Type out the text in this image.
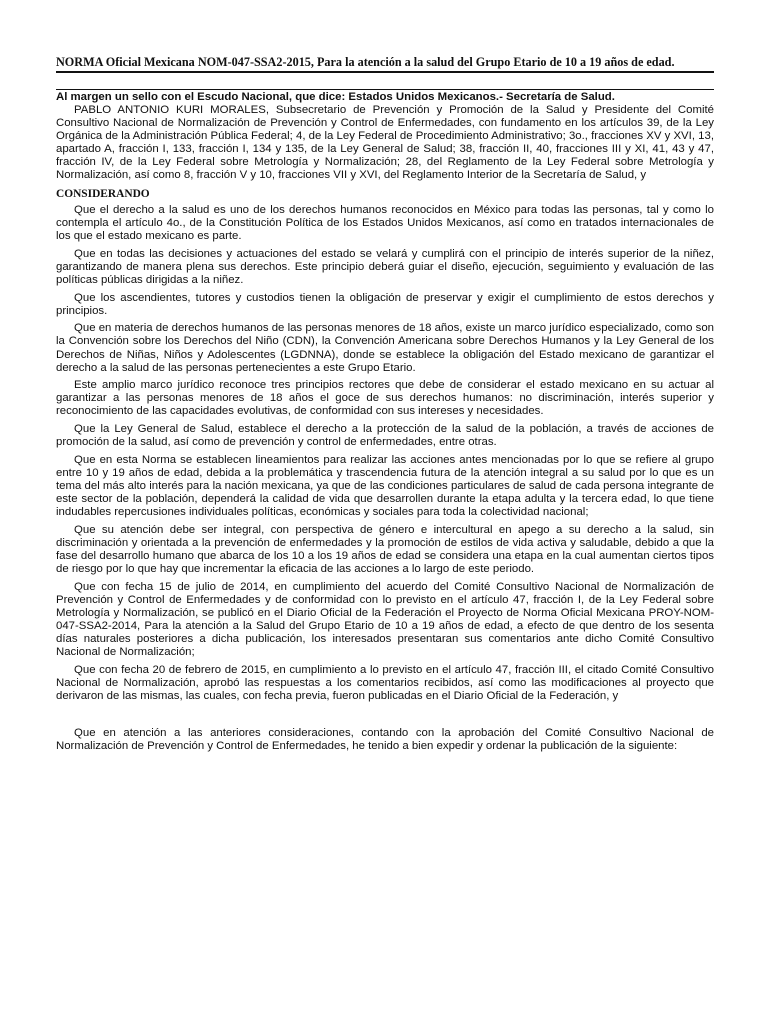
NORMA Oficial Mexicana NOM-047-SSA2-2015, Para la atención a la salud del Grupo Etario de 10 a 19 años de edad.
Al margen un sello con el Escudo Nacional, que dice: Estados Unidos Mexicanos.- Secretaría de Salud.

PABLO ANTONIO KURI MORALES, Subsecretario de Prevención y Promoción de la Salud y Presidente del Comité Consultivo Nacional de Normalización de Prevención y Control de Enfermedades, con fundamento en los artículos 39, de la Ley Orgánica de la Administración Pública Federal; 4, de la Ley Federal de Procedimiento Administrativo; 3o., fracciones XV y XVI, 13, apartado A, fracción I, 133, fracción I, 134 y 135, de la Ley General de Salud; 38, fracción II, 40, fracciones III y XI, 41, 43 y 47, fracción IV, de la Ley Federal sobre Metrología y Normalización; 28, del Reglamento de la Ley Federal sobre Metrología y Normalización, así como 8, fracción V y 10, fracciones VII y XVI, del Reglamento Interior de la Secretaría de Salud, y

CONSIDERANDO

Que el derecho a la salud es uno de los derechos humanos reconocidos en México para todas las personas, tal y como lo contempla el artículo 4o., de la Constitución Política de los Estados Unidos Mexicanos, así como en tratados internacionales de los que el estado mexicano es parte.

Que en todas las decisiones y actuaciones del estado se velará y cumplirá con el principio de interés superior de la niñez, garantizando de manera plena sus derechos. Este principio deberá guiar el diseño, ejecución, seguimiento y evaluación de las políticas públicas dirigidas a la niñez.

Que los ascendientes, tutores y custodios tienen la obligación de preservar y exigir el cumplimiento de estos derechos y principios.

Que en materia de derechos humanos de las personas menores de 18 años, existe un marco jurídico especializado, como son la Convención sobre los Derechos del Niño (CDN), la Convención Americana sobre Derechos Humanos y la Ley General de los Derechos de Niñas, Niños y Adolescentes (LGDNNA), donde se establece la obligación del Estado mexicano de garantizar el derecho a la salud de las personas pertenecientes a este Grupo Etario.

Este amplio marco jurídico reconoce tres principios rectores que debe de considerar el estado mexicano en su actuar al garantizar a las personas menores de 18 años el goce de sus derechos humanos: no discriminación, interés superior y reconocimiento de las capacidades evolutivas, de conformidad con sus intereses y necesidades.

Que la Ley General de Salud, establece el derecho a la protección de la salud de la población, a través de acciones de promoción de la salud, así como de prevención y control de enfermedades, entre otras.

Que en esta Norma se establecen lineamientos para realizar las acciones antes mencionadas por lo que se refiere al grupo entre 10 y 19 años de edad, debida a la problemática y trascendencia futura de la atención integral a su salud por lo que es un tema del más alto interés para la nación mexicana, ya que de las condiciones particulares de salud de cada persona integrante de este sector de la población, dependerá la calidad de vida que desarrollen durante la etapa adulta y la tercera edad, lo que tiene indudables repercusiones individuales políticas, económicas y sociales para toda la colectividad nacional;

Que su atención debe ser integral, con perspectiva de género e intercultural en apego a su derecho a la salud, sin discriminación y orientada a la prevención de enfermedades y la promoción de estilos de vida activa y saludable, debido a que la fase del desarrollo humano que abarca de los 10 a los 19 años de edad se considera una etapa en la cual aumentan ciertos tipos de riesgo por lo que hay que incrementar la eficacia de las acciones a lo largo de este periodo.

Que con fecha 15 de julio de 2014, en cumplimiento del acuerdo del Comité Consultivo Nacional de Normalización de Prevención y Control de Enfermedades y de conformidad con lo previsto en el artículo 47, fracción I, de la Ley Federal sobre Metrología y Normalización, se publicó en el Diario Oficial de la Federación el Proyecto de Norma Oficial Mexicana PROY-NOM-047-SSA2-2014, Para la atención a la Salud del Grupo Etario de 10 a 19 años de edad, a efecto de que dentro de los sesenta días naturales posteriores a dicha publicación, los interesados presentaran sus comentarios ante dicho Comité Consultivo Nacional de Normalización;

Que con fecha 20 de febrero de 2015, en cumplimiento a lo previsto en el artículo 47, fracción III, el citado Comité Consultivo Nacional de Normalización, aprobó las respuestas a los comentarios recibidos, así como las modificaciones al proyecto que derivaron de las mismas, las cuales, con fecha previa, fueron publicadas en el Diario Oficial de la Federación, y

Que en atención a las anteriores consideraciones, contando con la aprobación del Comité Consultivo Nacional de Normalización de Prevención y Control de Enfermedades, he tenido a bien expedir y ordenar la publicación de la siguiente:
